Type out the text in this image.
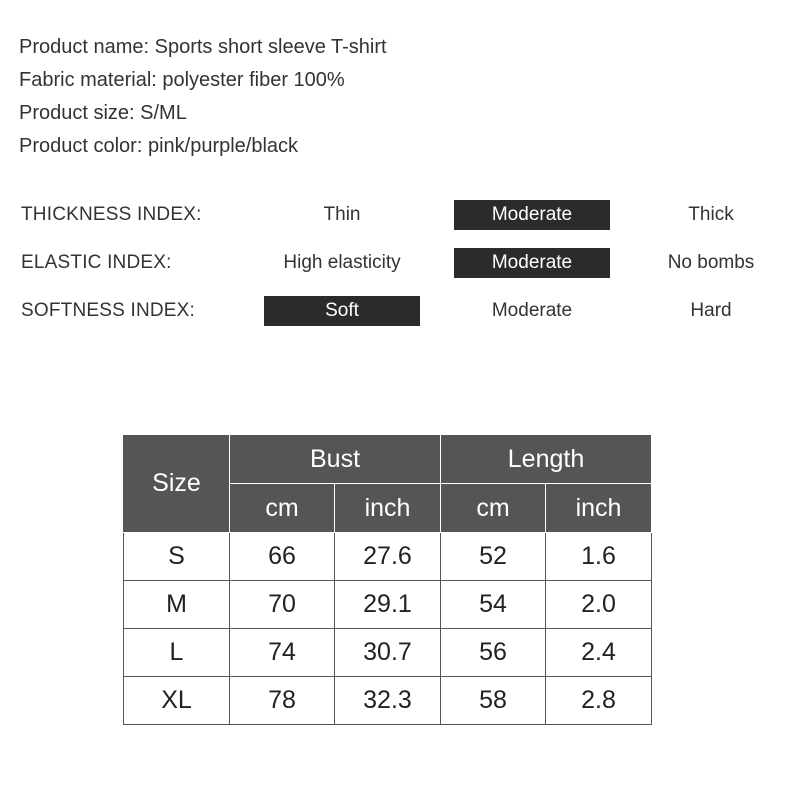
Product name: Sports short sleeve T-shirt
Fabric material: polyester fiber 100%
Product size: S/ML
Product color: pink/purple/black
THICKNESS INDEX:	Thin	Moderate	Thick
ELASTIC INDEX:	High elasticity	Moderate	No bombs
SOFTNESS INDEX:	Soft	Moderate	Hard
Size	Bust		Length	
	cm	inch	cm	inch
S	66	27.6	52	1.6
M	70	29.1	54	2.0
L	74	30.7	56	2.4
XL	78	32.3	58	2.8
